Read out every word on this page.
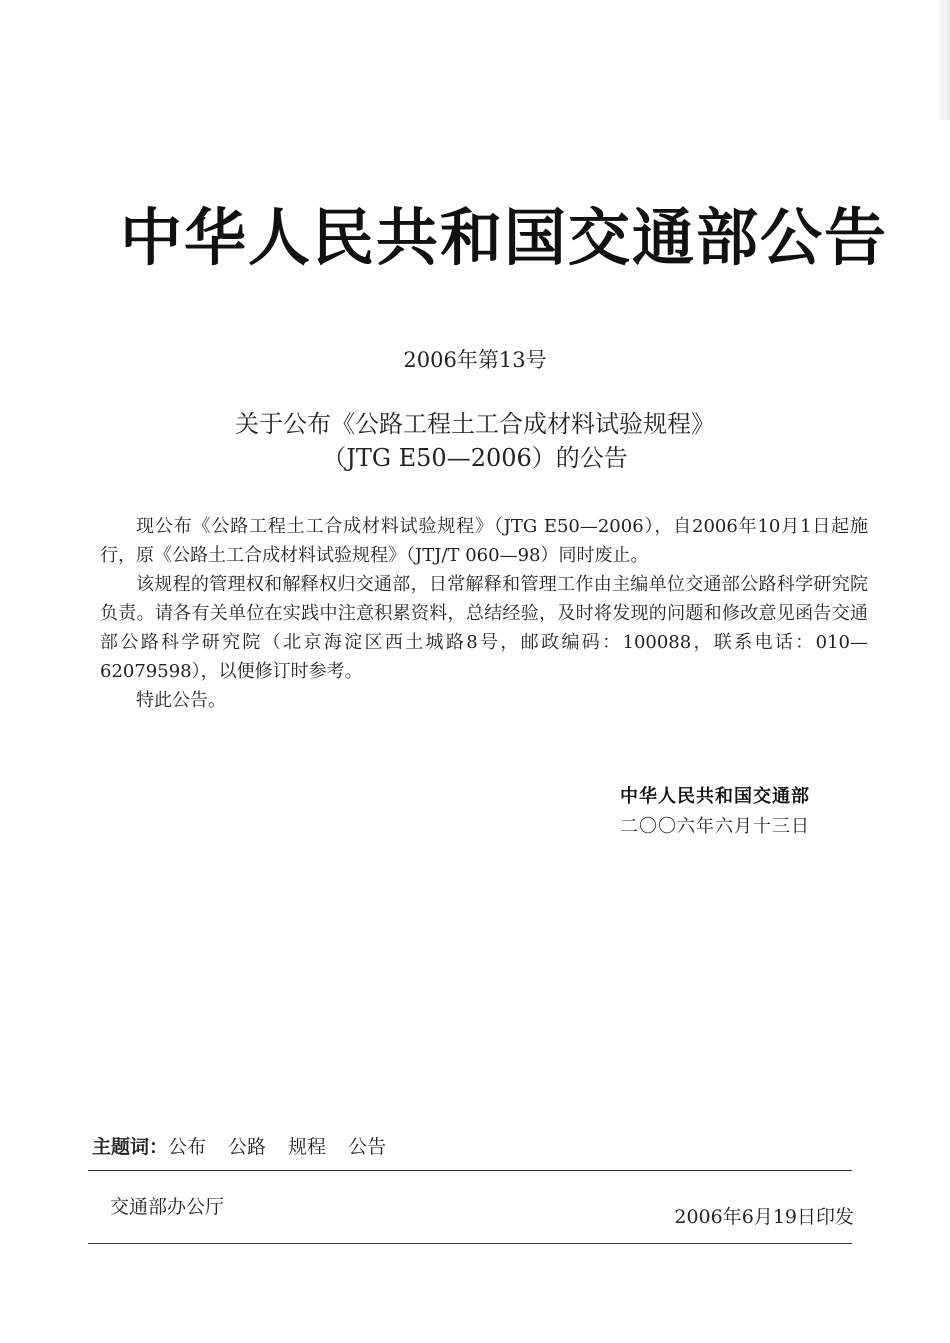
中华人民共和国交通部公告
2006年第13号
关于公布《公路工程土工合成材料试验规程》
（JTG E50—2006）的公告

现公布《公路工程土工合成材料试验规程》（JTG E50—2006），自2006年10月1日起施行，原《公路土工合成材料试验规程》（JTJ/T 060—98）同时废止。

该规程的管理权和解释权归交通部，日常解释和管理工作由主编单位交通部公路科学研究院负责。请各有关单位在实践中注意积累资料，总结经验，及时将发现的问题和修改意见函告交通部公路科学研究院（北京海淀区西土城路8号，邮政编码：100088，联系电话：010—62079598），以便修订时参考。

特此公告。

中华人民共和国交通部
二〇〇六年六月十三日
主题词：公布 公路 规程 公告
交通部办公厅	2006年6月19日印发
